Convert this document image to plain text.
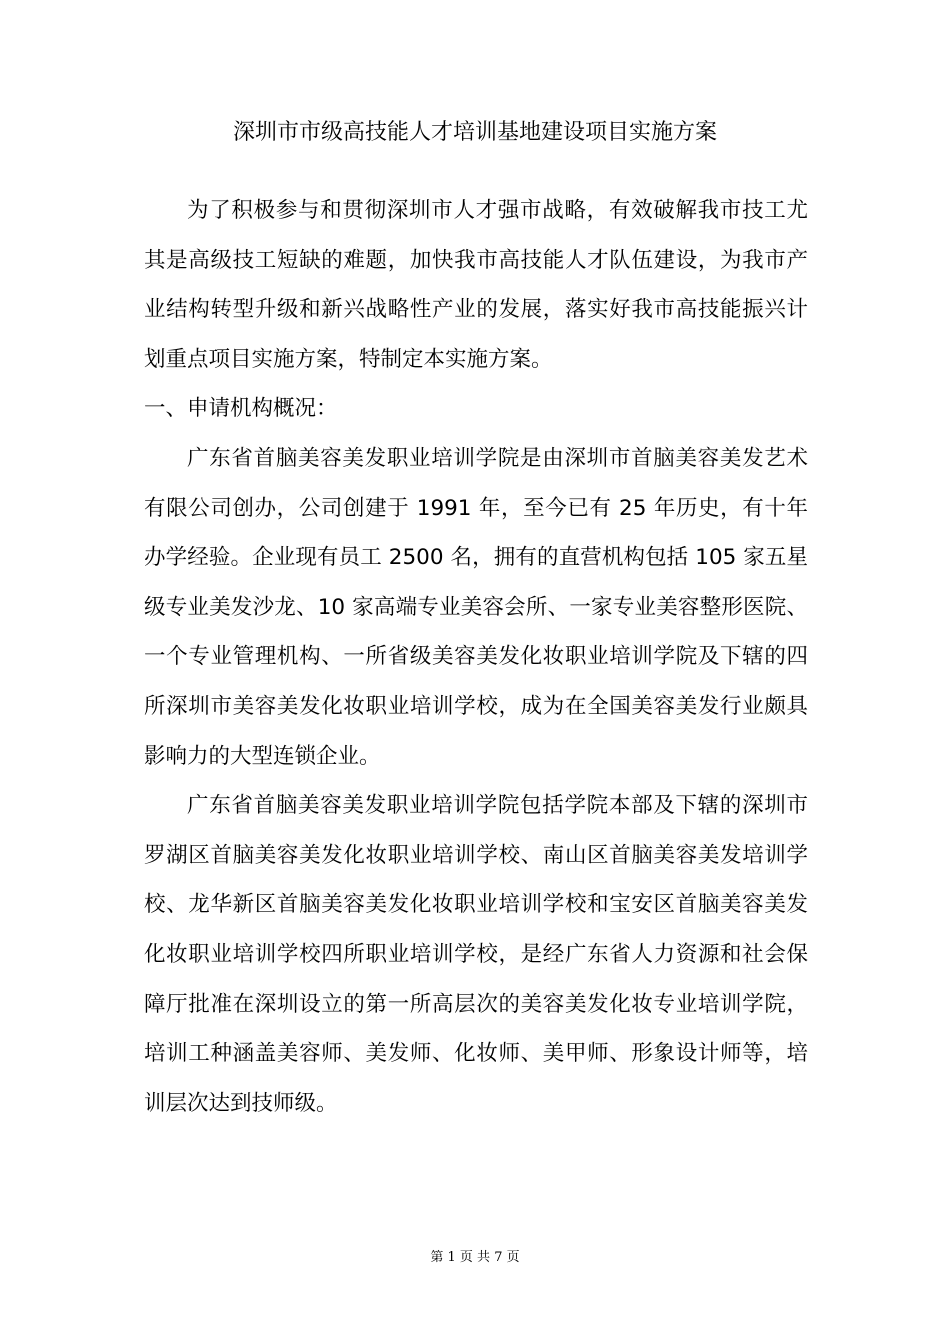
深圳市市级高技能人才培训基地建设项目实施方案

为了积极参与和贯彻深圳市人才强市战略，有效破解我市技工尤其是高级技工短缺的难题，加快我市高技能人才队伍建设，为我市产业结构转型升级和新兴战略性产业的发展，落实好我市高技能振兴计划重点项目实施方案，特制定本实施方案。

一、申请机构概况：

广东省首脑美容美发职业培训学院是由深圳市首脑美容美发艺术有限公司创办，公司创建于 1991 年，至今已有 25 年历史，有十年办学经验。企业现有员工 2500 名，拥有的直营机构包括 105 家五星级专业美发沙龙、10 家高端专业美容会所、一家专业美容整形医院、一个专业管理机构、一所省级美容美发化妆职业培训学院及下辖的四所深圳市美容美发化妆职业培训学校，成为在全国美容美发行业颇具影响力的大型连锁企业。

广东省首脑美容美发职业培训学院包括学院本部及下辖的深圳市罗湖区首脑美容美发化妆职业培训学校、南山区首脑美容美发培训学校、龙华新区首脑美容美发化妆职业培训学校和宝安区首脑美容美发化妆职业培训学校四所职业培训学校，是经广东省人力资源和社会保障厅批准在深圳设立的第一所高层次的美容美发化妆专业培训学院，培训工种涵盖美容师、美发师、化妆师、美甲师、形象设计师等，培训层次达到技师级。

第 1 页 共 7 页
